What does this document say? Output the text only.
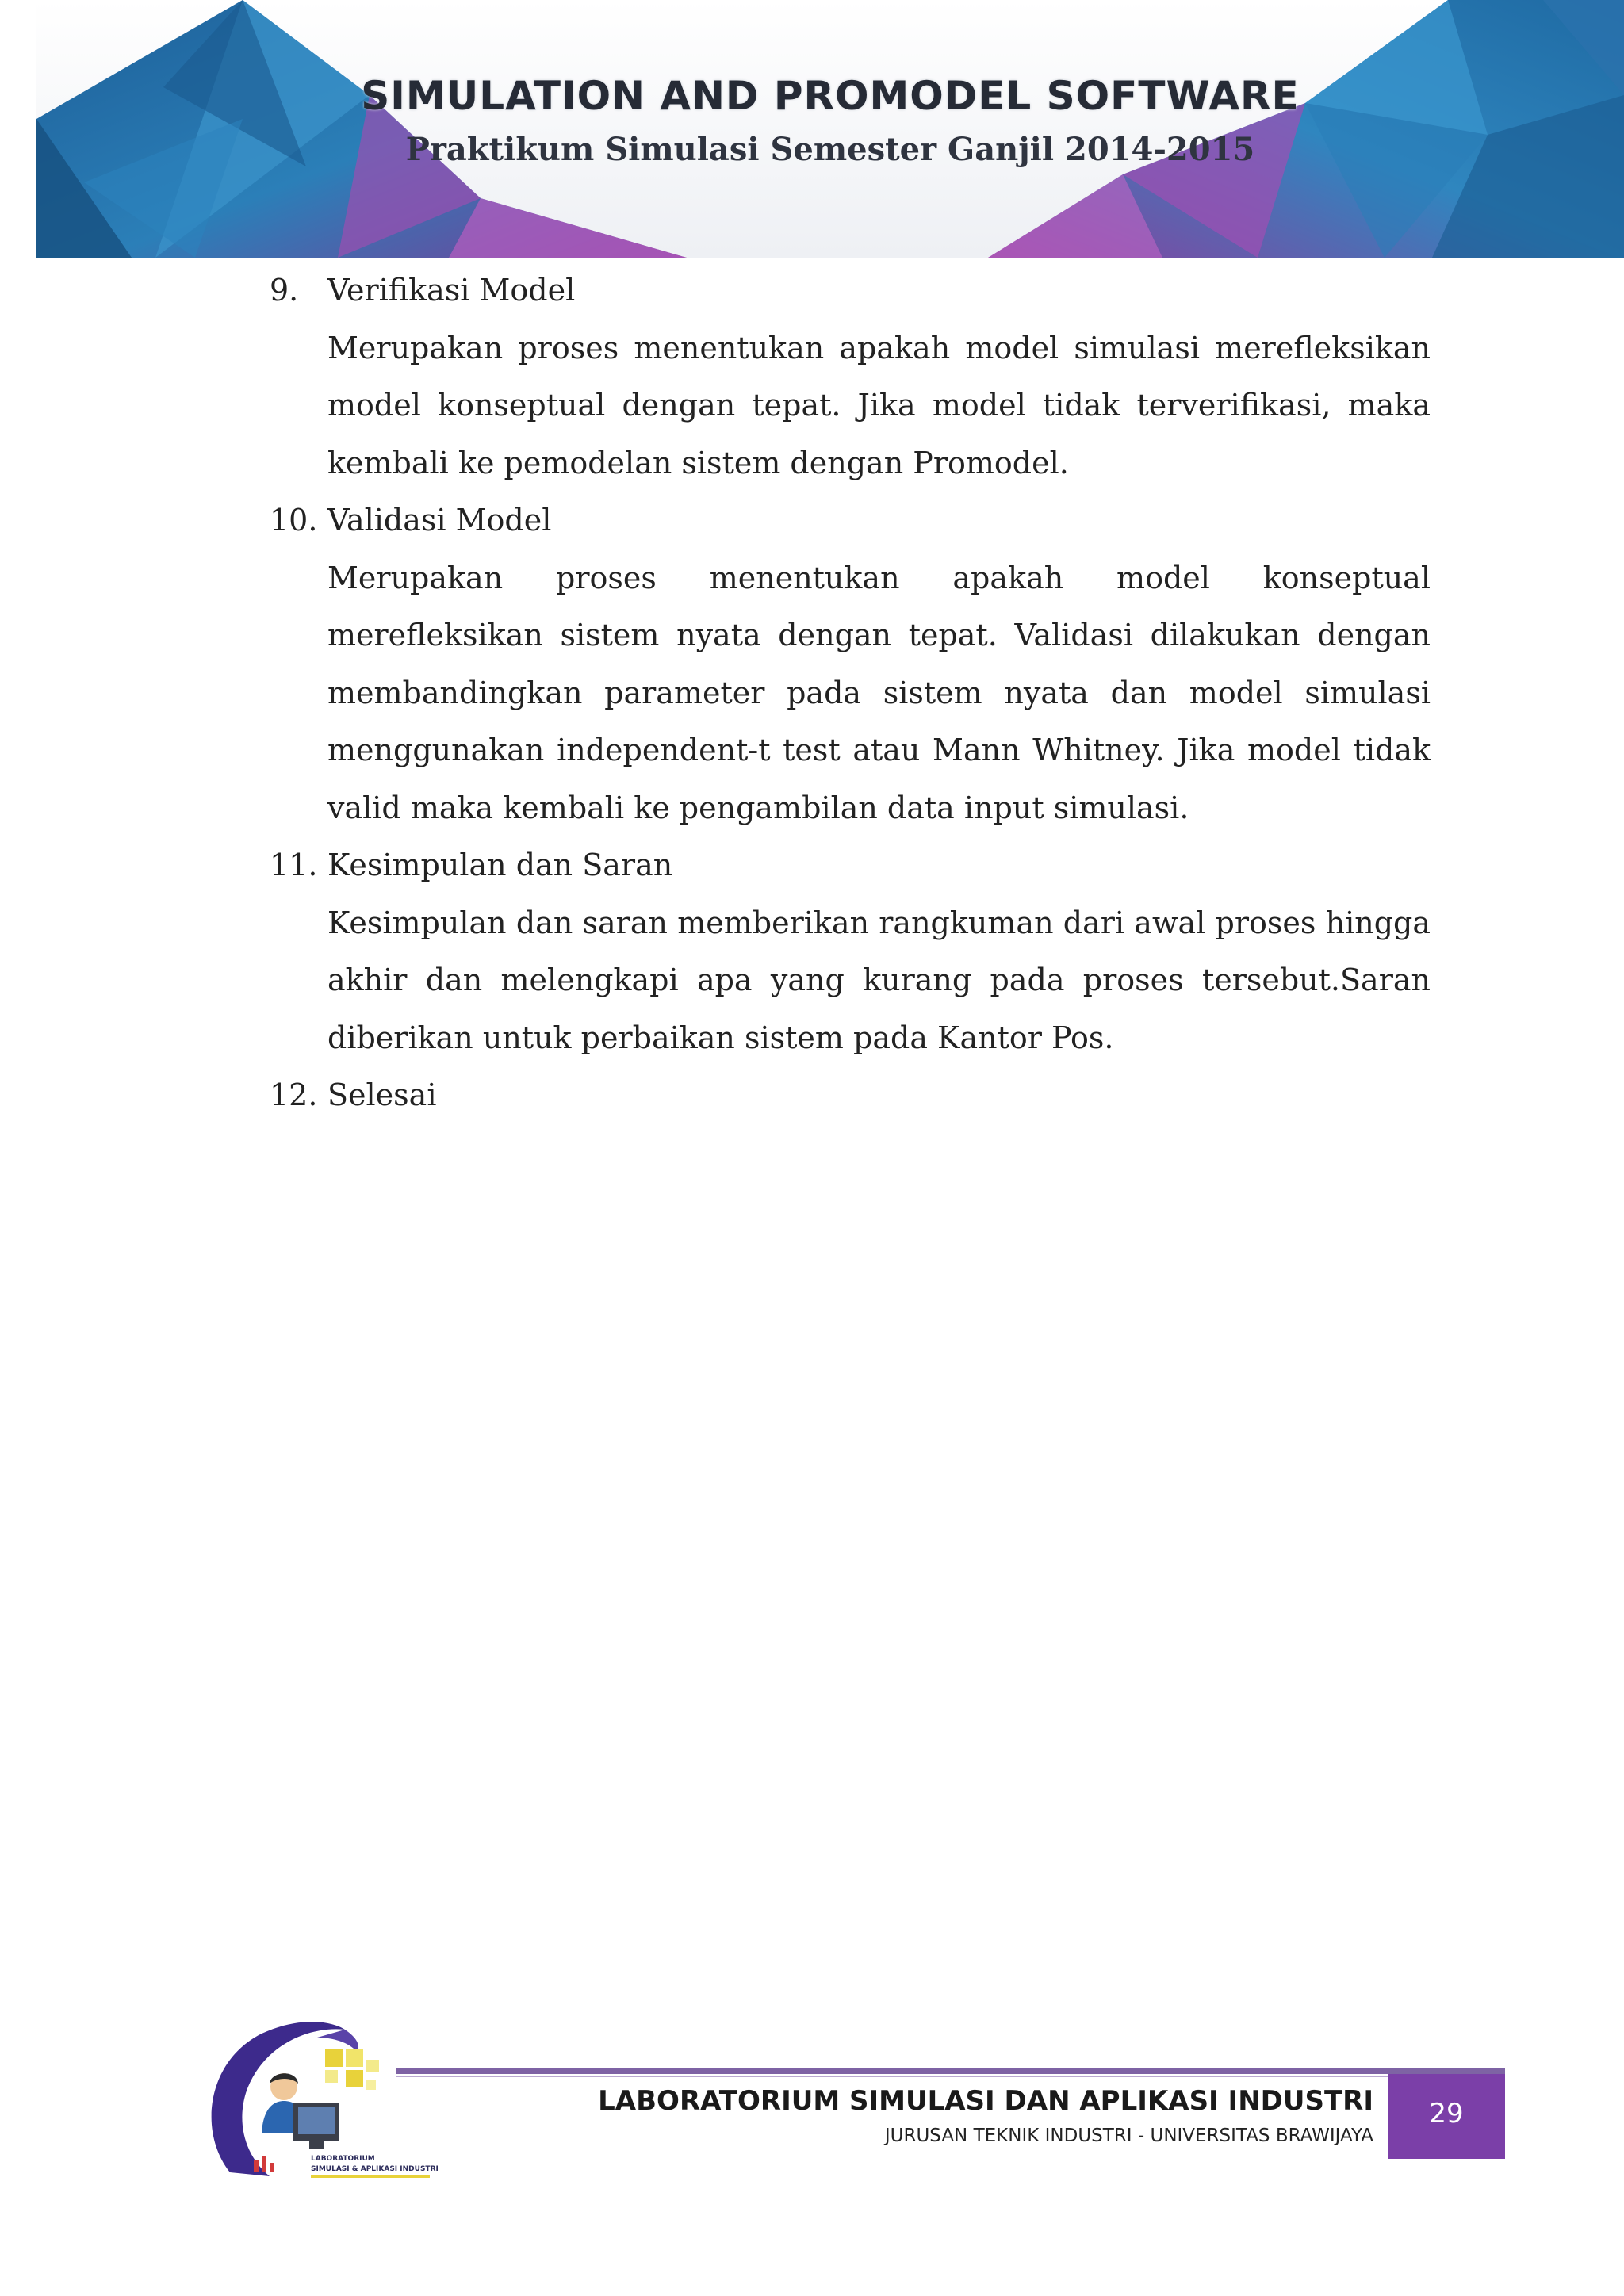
SIMULATION AND PROMODEL SOFTWARE
Praktikum Simulasi Semester Ganjil 2014-2015
9. Verifikasi Model
Merupakan proses menentukan apakah model simulasi merefleksikan model konseptual dengan tepat. Jika model tidak terverifikasi, maka kembali ke pemodelan sistem dengan Promodel.
10. Validasi Model
Merupakan proses menentukan apakah model konseptual merefleksikan sistem nyata dengan tepat. Validasi dilakukan dengan membandingkan parameter pada sistem nyata dan model simulasi menggunakan independent-t test atau Mann Whitney. Jika model tidak valid maka kembali ke pengambilan data input simulasi.
11. Kesimpulan dan Saran
Kesimpulan dan saran memberikan rangkuman dari awal proses hingga akhir dan melengkapi apa yang kurang pada proses tersebut.Saran diberikan untuk perbaikan sistem pada Kantor Pos.
12. Selesai
LABORATORIUM
SIMULASI & APLIKASI INDUSTRI
LABORATORIUM SIMULASI DAN APLIKASI INDUSTRI
JURUSAN TEKNIK INDUSTRI - UNIVERSITAS BRAWIJAYA
29
